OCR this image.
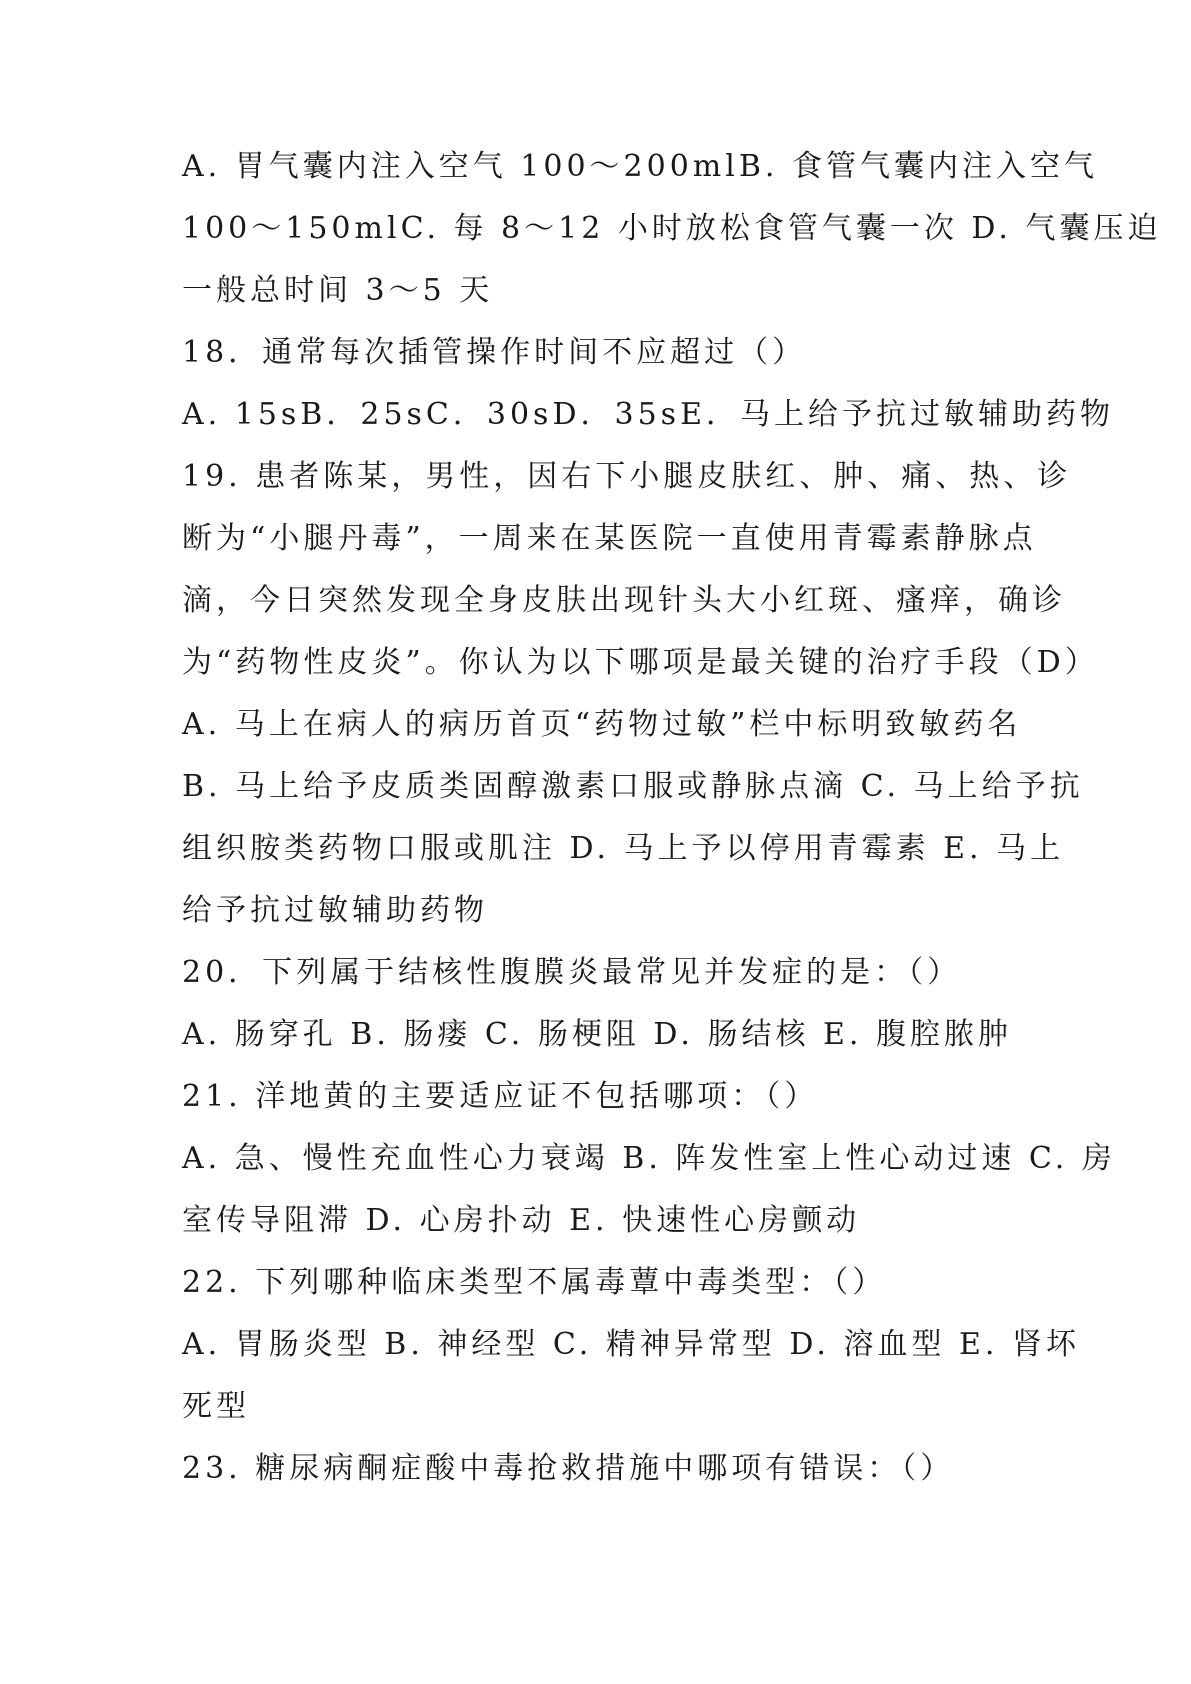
A. 胃气囊内注入空气 100～200mlB. 食管气囊内注入空气
100～150mlC. 每 8～12 小时放松食管气囊一次 D. 气囊压迫
一般总时间 3～5 天
18．通常每次插管操作时间不应超过（）
A. 15sB．25sC．30sD．35sE．马上给予抗过敏辅助药物
19. 患者陈某，男性，因右下小腿皮肤红、肿、痛、热、诊
断为“小腿丹毒”，一周来在某医院一直使用青霉素静脉点
滴，今日突然发现全身皮肤出现针头大小红斑、瘙痒，确诊
为“药物性皮炎”。你认为以下哪项是最关键的治疗手段（D）
A. 马上在病人的病历首页“药物过敏”栏中标明致敏药名
B. 马上给予皮质类固醇激素口服或静脉点滴 C. 马上给予抗
组织胺类药物口服或肌注 D. 马上予以停用青霉素 E. 马上
给予抗过敏辅助药物
20．下列属于结核性腹膜炎最常见并发症的是：（）
A. 肠穿孔 B. 肠瘘 C. 肠梗阻 D. 肠结核 E. 腹腔脓肿
21. 洋地黄的主要适应证不包括哪项：（）
A. 急、慢性充血性心力衰竭 B. 阵发性室上性心动过速 C. 房
室传导阻滞 D. 心房扑动 E. 快速性心房颤动
22. 下列哪种临床类型不属毒蕈中毒类型：（）
A. 胃肠炎型 B. 神经型 C. 精神异常型 D. 溶血型 E. 肾坏
死型
23. 糖尿病酮症酸中毒抢救措施中哪项有错误：（）
